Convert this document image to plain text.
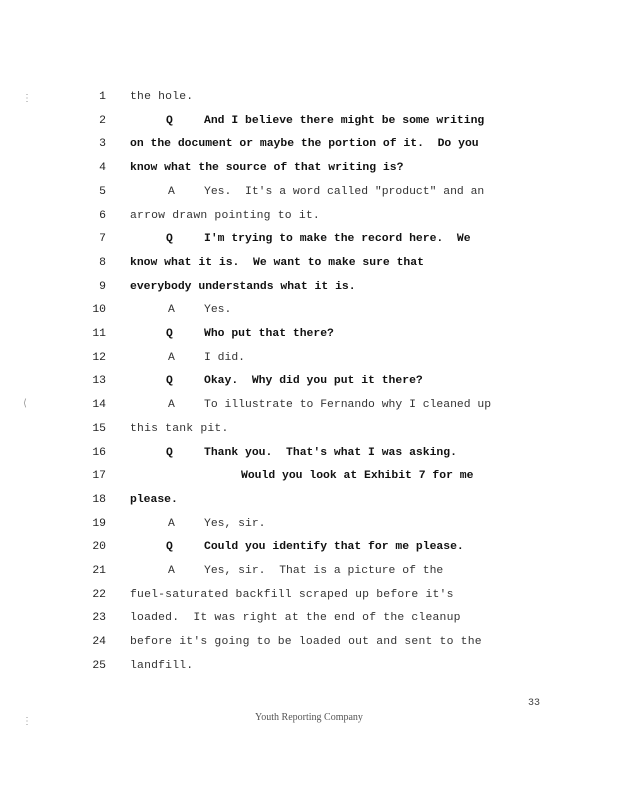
1 the hole.
2	Q	And I believe there might be some writing
3 on the document or maybe the portion of it.  Do you
4 know what the source of that writing is?
5	A	Yes.  It's a word called "product" and an
6 arrow drawn pointing to it.
7	Q	I'm trying to make the record here.  We
8 know what it is.  We want to make sure that
9 everybody understands what it is.
10	A	Yes.
11	Q	Who put that there?
12	A	I did.
13	Q	Okay.  Why did you put it there?
14	A	To illustrate to Fernando why I cleaned up
15 this tank pit.
16	Q	Thank you.  That's what I was asking.
17	Would you look at Exhibit 7 for me
18 please.
19	A	Yes, sir.
20	Q	Could you identify that for me please.
21	A	Yes, sir.  That is a picture of the
22 fuel-saturated backfill scraped up before it's
23 loaded.  It was right at the end of the cleanup
24 before it's going to be loaded out and sent to the
25 landfill.
⋮
⟨
⋮
33
Youth Reporting Company
